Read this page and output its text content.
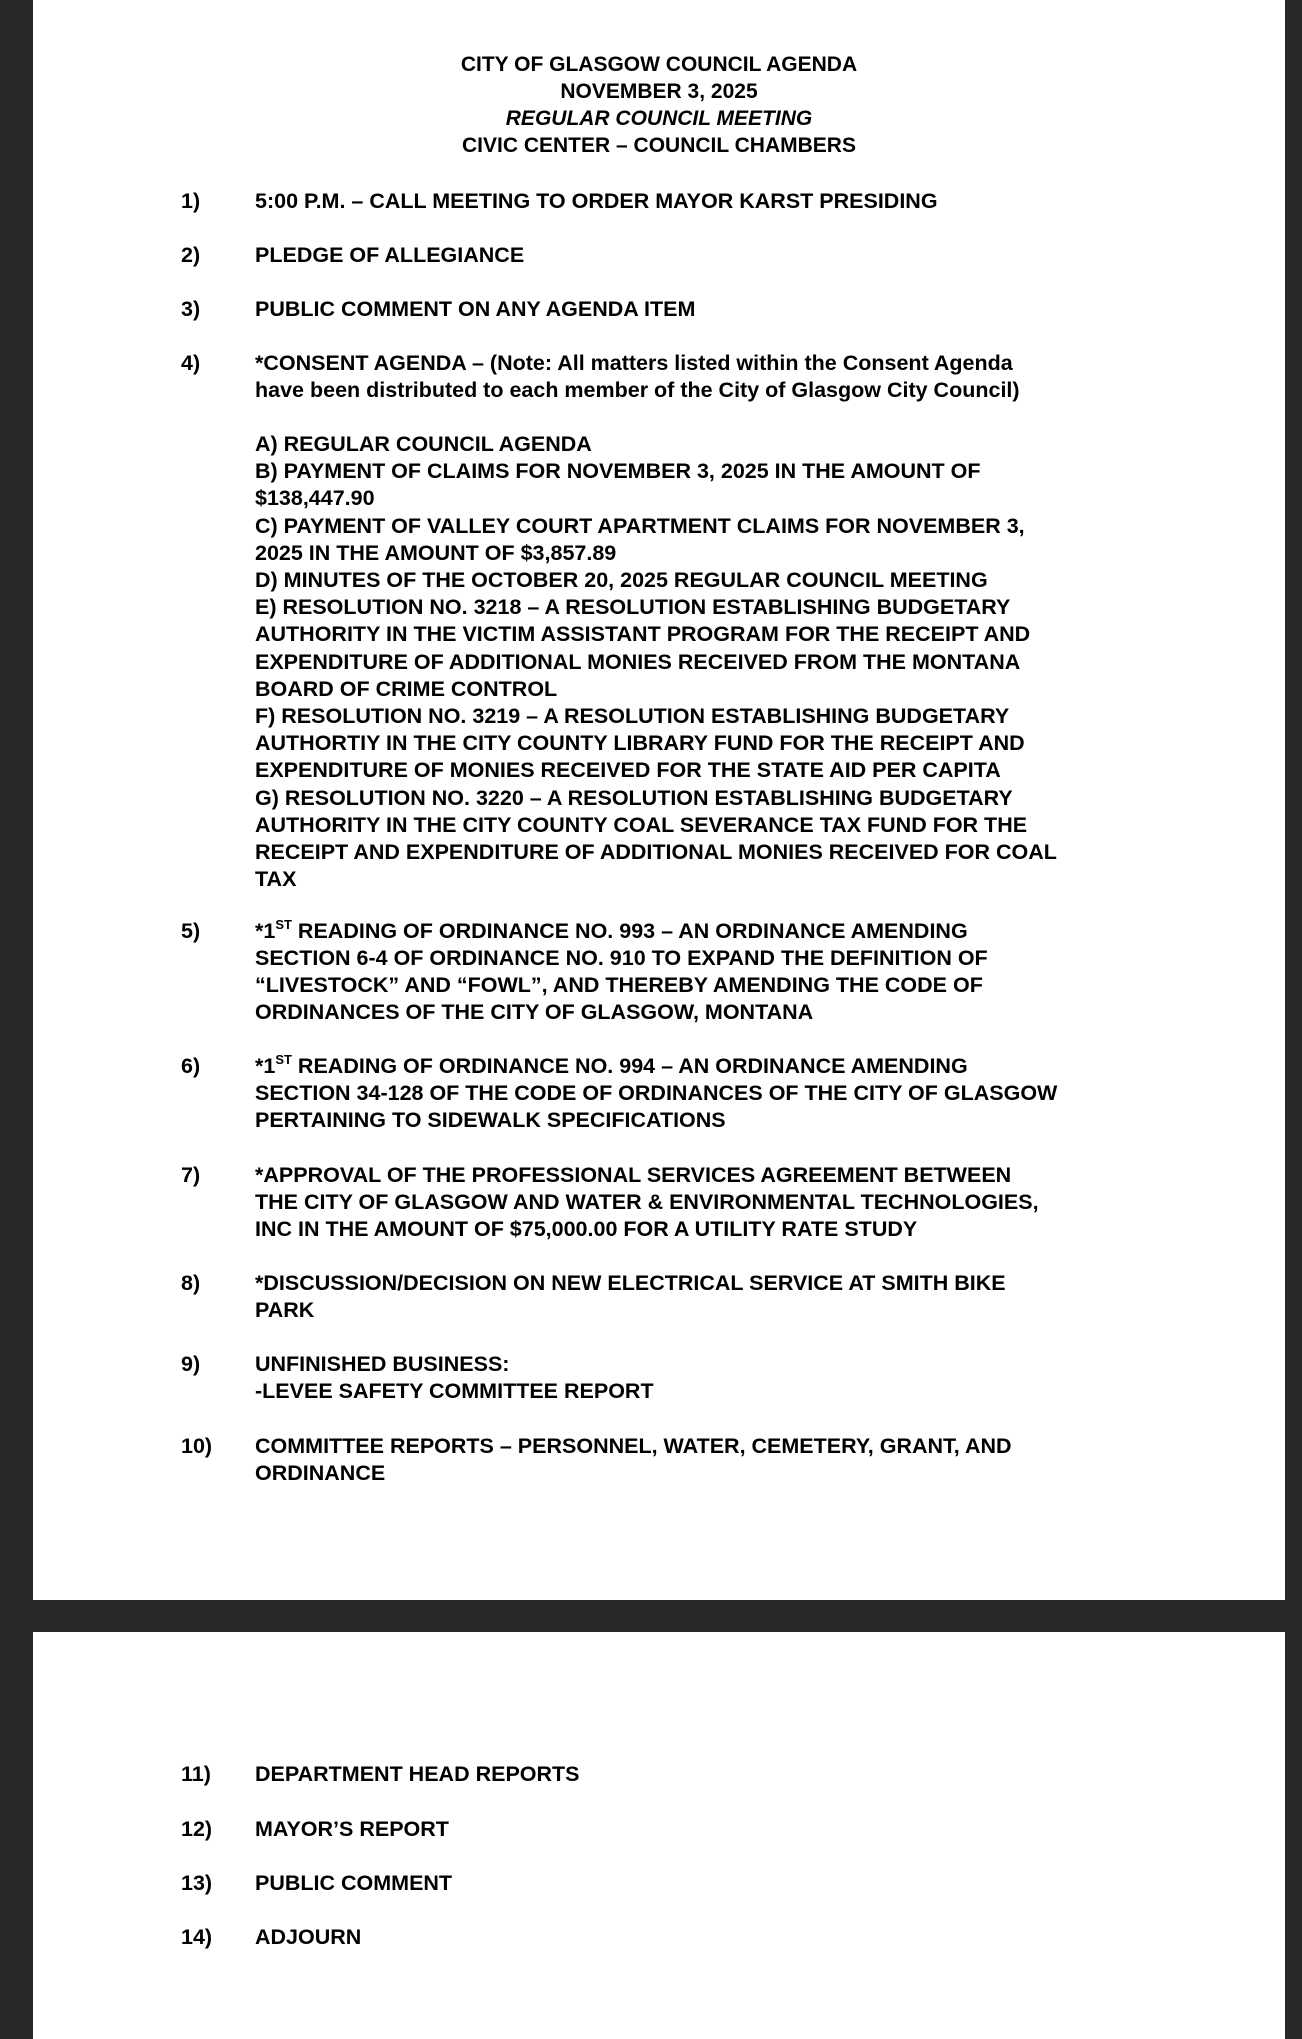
CITY OF GLASGOW COUNCIL AGENDA
NOVEMBER 3, 2025
REGULAR COUNCIL MEETING
CIVIC CENTER – COUNCIL CHAMBERS
1)	5:00 P.M. – CALL MEETING TO ORDER MAYOR KARST PRESIDING
2)	PLEDGE OF ALLEGIANCE
3)	PUBLIC COMMENT ON ANY AGENDA ITEM
4)	*CONSENT AGENDA – (Note: All matters listed within the Consent Agenda
have been distributed to each member of the City of Glasgow City Council)
A) REGULAR COUNCIL AGENDA
B) PAYMENT OF CLAIMS FOR NOVEMBER 3, 2025 IN THE AMOUNT OF
$138,447.90
C) PAYMENT OF VALLEY COURT APARTMENT CLAIMS FOR NOVEMBER 3,
2025 IN THE AMOUNT OF $3,857.89
D) MINUTES OF THE OCTOBER 20, 2025 REGULAR COUNCIL MEETING
E) RESOLUTION NO. 3218 – A RESOLUTION ESTABLISHING BUDGETARY
AUTHORITY IN THE VICTIM ASSISTANT PROGRAM FOR THE RECEIPT AND
EXPENDITURE OF ADDITIONAL MONIES RECEIVED FROM THE MONTANA
BOARD OF CRIME CONTROL
F) RESOLUTION NO. 3219 – A RESOLUTION ESTABLISHING BUDGETARY
AUTHORTIY IN THE CITY COUNTY LIBRARY FUND FOR THE RECEIPT AND
EXPENDITURE OF MONIES RECEIVED FOR THE STATE AID PER CAPITA
G) RESOLUTION NO. 3220 – A RESOLUTION ESTABLISHING BUDGETARY
AUTHORITY IN THE CITY COUNTY COAL SEVERANCE TAX FUND FOR THE
RECEIPT AND EXPENDITURE OF ADDITIONAL MONIES RECEIVED FOR COAL
TAX
5)	*1ST READING OF ORDINANCE NO. 993 – AN ORDINANCE AMENDING
SECTION 6-4 OF ORDINANCE NO. 910 TO EXPAND THE DEFINITION OF
“LIVESTOCK” AND “FOWL”, AND THEREBY AMENDING THE CODE OF
ORDINANCES OF THE CITY OF GLASGOW, MONTANA
6)	*1ST READING OF ORDINANCE NO. 994 – AN ORDINANCE AMENDING
SECTION 34-128 OF THE CODE OF ORDINANCES OF THE CITY OF GLASGOW
PERTAINING TO SIDEWALK SPECIFICATIONS
7)	*APPROVAL OF THE PROFESSIONAL SERVICES AGREEMENT BETWEEN
THE CITY OF GLASGOW AND WATER & ENVIRONMENTAL TECHNOLOGIES,
INC IN THE AMOUNT OF $75,000.00 FOR A UTILITY RATE STUDY
8)	*DISCUSSION/DECISION ON NEW ELECTRICAL SERVICE AT SMITH BIKE
PARK
9)	UNFINISHED BUSINESS:
-LEVEE SAFETY COMMITTEE REPORT
10)	COMMITTEE REPORTS – PERSONNEL, WATER, CEMETERY, GRANT, AND
ORDINANCE
11)	DEPARTMENT HEAD REPORTS
12)	MAYOR’S REPORT
13)	PUBLIC COMMENT
14)	ADJOURN
